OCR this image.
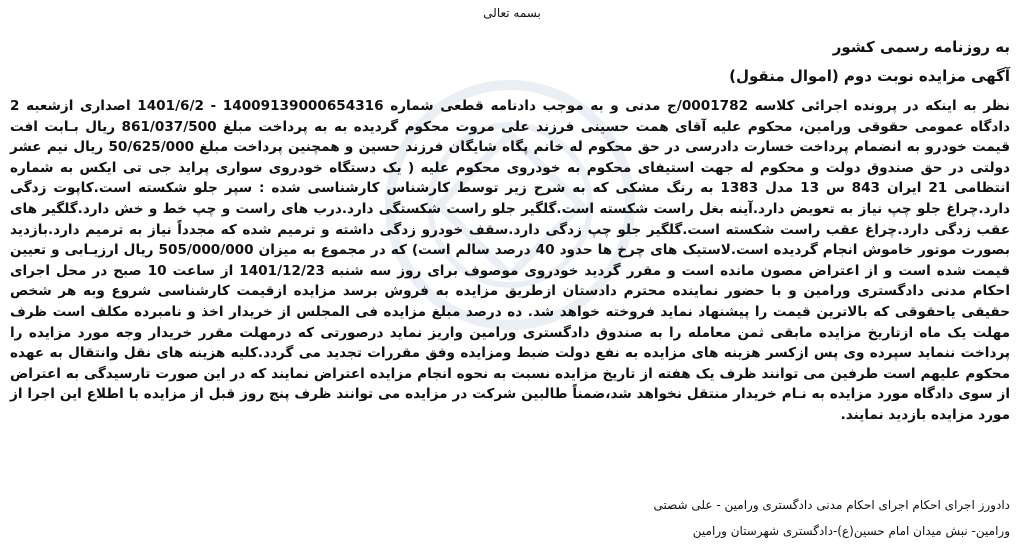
بسمه تعالی
به روزنامه رسمی کشور
آگهی مزایده نوبت دوم (اموال منقول)
نظر به اینکه در پرونده اجرائی کلاسه 0001782/ج مدنی و به موجب دادنامه قطعی شماره 14009139000654316 - 1401/6/2 اصداری ازشعبه 2 دادگاه عمومی حقوقی ورامین، محکوم علیه آقای همت حسینی فرزند علی مروت محکوم گردیده به به پرداخت مبلغ 861/037/500 ریال بـابت افت قیمت خودرو به انضمام پرداخت خسارت دادرسی در حق محکوم له خانم پگاه شایگان فرزند حسین و همچنین پرداخت مبلغ 50/625/000 ریال نیم عشر دولتی در حق صندوق دولت و محکوم له جهت استیفای محکوم به خودروی محکوم علیه ( یک دستگاه خودروی سواری پراید جی تی ایکس به شماره انتظامی 21 ایران 843 س 13 مدل 1383 به رنگ مشکی که به شرح زیر توسط کارشناس کارشناسی شده : سپر جلو شکسته است.کاپوت زدگی دارد.چراغ جلو چپ نیاز به تعویض دارد.آینه بغل راست شکسته است.گلگیر جلو راست شکستگی دارد.درب های راست و چپ خط و خش دارد.گلگیر های عقب زدگی دارد.چراغ عقب راست شکسته است.گلگیر جلو چپ زدگی دارد.سقف خودرو زدگی داشته و ترمیم شده که مجدداً نیاز به ترمیم دارد.بازدید بصورت موتور خاموش انجام گردیده است.لاستیک های چرخ ها حدود 40 درصد سالم است) که در مجموع به میزان 505/000/000 ریال ارزیـابی و تعیین قیمت شده است و از اعتراض مصون مانده است و مقرر گردید خودروی موصوف برای روز سه شنبه 1401/12/23 از ساعت 10 صبح در محل اجرای احکام مدنی دادگستری ورامین و با حضور نماینده محترم دادستان ازطریق مزایده به فروش برسد مزایده ازقیمت کارشناسی شروع وبه هر شخص حقیقی یاحقوقی که بالاترین قیمت را پیشنهاد نماید فروخته خواهد شد. ده درصد مبلغ مزایده فی المجلس از خریدار اخذ و نامبرده مکلف است ظرف مهلت یک ماه ازتاریخ مزایده مابقی ثمن معامله را به صندوق دادگستری ورامین واریز نماید درصورتی که درمهلت مقرر خریدار وجه مورد مزایده را پرداخت ننماید سپرده وی پس ازکسر هزینه های مزایده به نفع دولت ضبط ومزایده وفق مقررات تجدید می گردد.کلیه هزینه های نقل وانتقال به عهده محکوم علیهم است طرفین می توانند ظرف یک هفته از تاریخ مزایده نسبت به نحوه انجام مزایده اعتراض نمایند که در این صورت تارسیدگی به اعتراض از سوی دادگاه مورد مزایده به نـام خریدار منتقل نخواهد شد،ضمناً طالبین شرکت در مزایده می توانند ظرف پنج روز قبل از مزایده با اطلاع این اجرا از مورد مزایده بازدید نمایند.
دادورز اجرای احکام اجرای احکام مدنی دادگستری ورامین - علی شصتی
ورامین- نبش میدان امام حسین(ع)-دادگستری شهرستان ورامین
